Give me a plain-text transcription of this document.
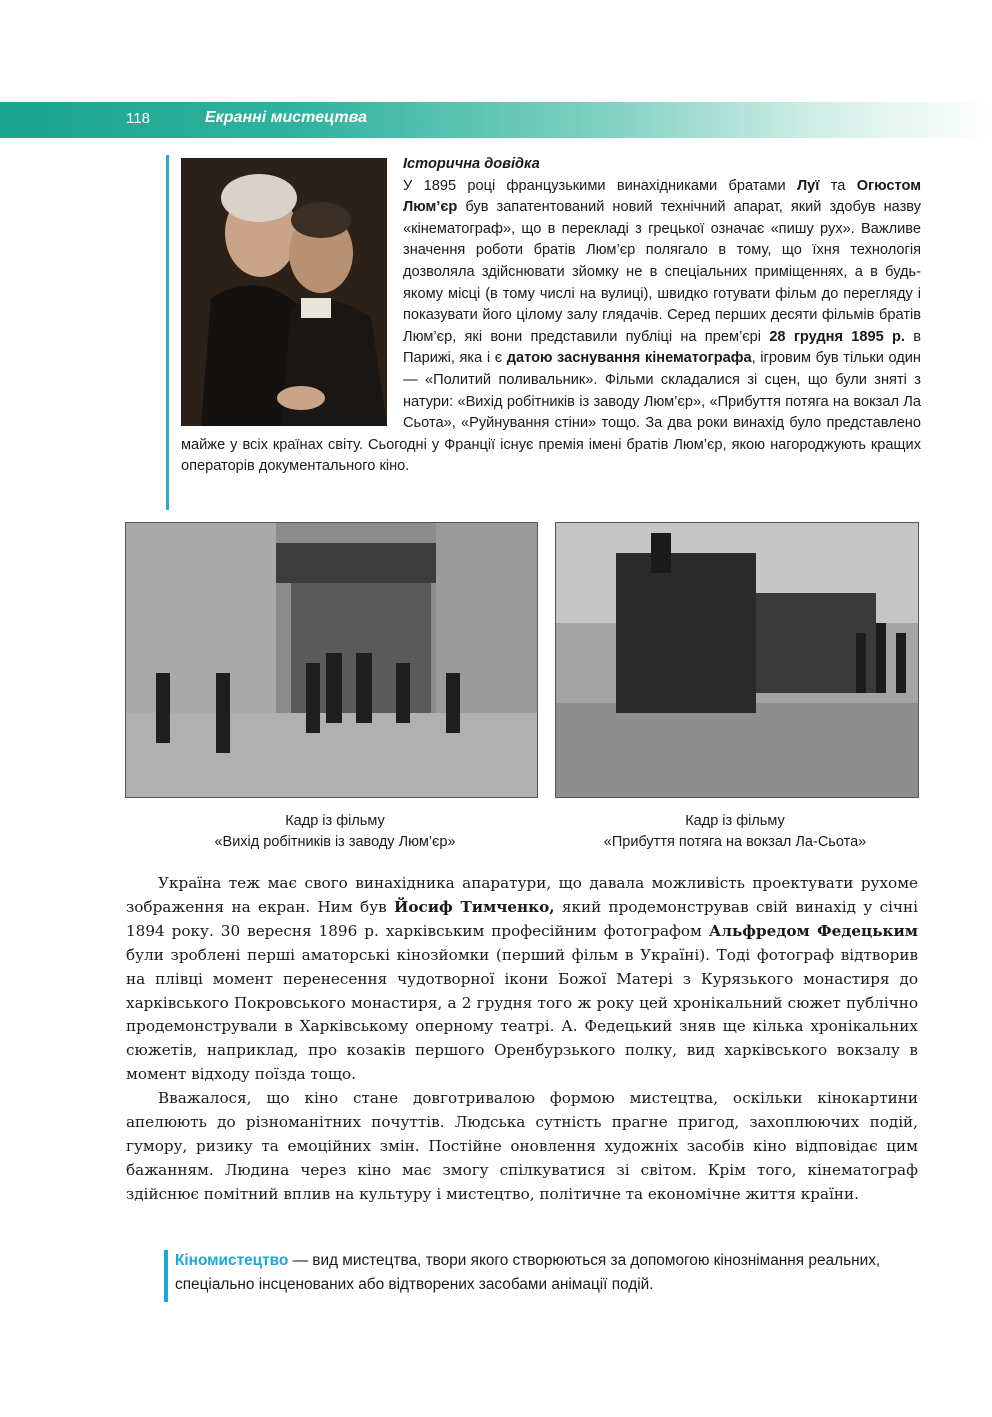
118	Екранні мистецтва
Історична довідка
У 1895 році французькими винахідниками братами Луї та Огюстом Люм’єр був запатентований новий технічний апарат, який здобув назву «кінематограф», що в перекладі з грецької означає «пишу рух». Важливе значення роботи братів Люм’єр полягало в тому, що їхня технологія дозволяла здійснювати зйомку не в спеціальних приміщеннях, а в будь-якому місці (в тому числі на вулиці), швидко готувати фільм до перегляду і показувати його цілому залу глядачів. Серед перших десяти фільмів братів Люм’єр, які вони представили публіці на прем’єрі 28 грудня 1895 р. в Парижі, яка і є датою заснування кінематографа, ігровим був тільки один — «Политий поливальник». Фільми складалися зі сцен, що були зняті з натури: «Вихід робітників із заводу Люм’єр», «Прибуття потяга на вокзал Ла Сьота», «Руйнування стіни» тощо. За два роки винахід було представлено майже у всіх країнах світу. Сьогодні у Франції існує премія імені братів Люм’єр, якою нагороджують кращих операторів документального кіно.
Кадр із фільму
«Вихід робітників із заводу Люм’єр»
Кадр із фільму
«Прибуття потяга на вокзал Ла-Сьота»

Україна теж має свого винахідника апаратури, що давала можливість проектувати рухоме зображення на екран. Ним був Йосиф Тимченко, який продемонстрував свій винахід у січні 1894 року. 30 вересня 1896 р. харківським професійним фотографом Альфредом Федецьким були зроблені перші аматорські кінозйомки (перший фільм в Україні). Тоді фотограф відтворив на плівці момент перенесення чудотворної ікони Божої Матері з Курязького монастиря до харківського Покровського монастиря, а 2 грудня того ж року цей хронікальний сюжет публічно продемонстрували в Харківському оперному театрі. А. Федецький зняв ще кілька хронікальних сюжетів, наприклад, про козаків першого Оренбурзького полку, вид харківського вокзалу в момент відходу поїзда тощо.

Вважалося, що кіно стане довготривалою формою мистецтва, оскільки кінокартини апелюють до різноманітних почуттів. Людська сутність прагне пригод, захоплюючих подій, гумору, ризику та емоційних змін. Постійне оновлення художніх засобів кіно відповідає цим бажанням. Людина через кіно має змогу спілкуватися зі світом. Крім того, кінематограф здійснює помітний вплив на культуру і мистецтво, політичне та економічне життя країни.

Кіномистецтво — вид мистецтва, твори якого створюються за допомогою кінознімання реальних, спеціально інсценованих або відтворених засобами анімації подій.
